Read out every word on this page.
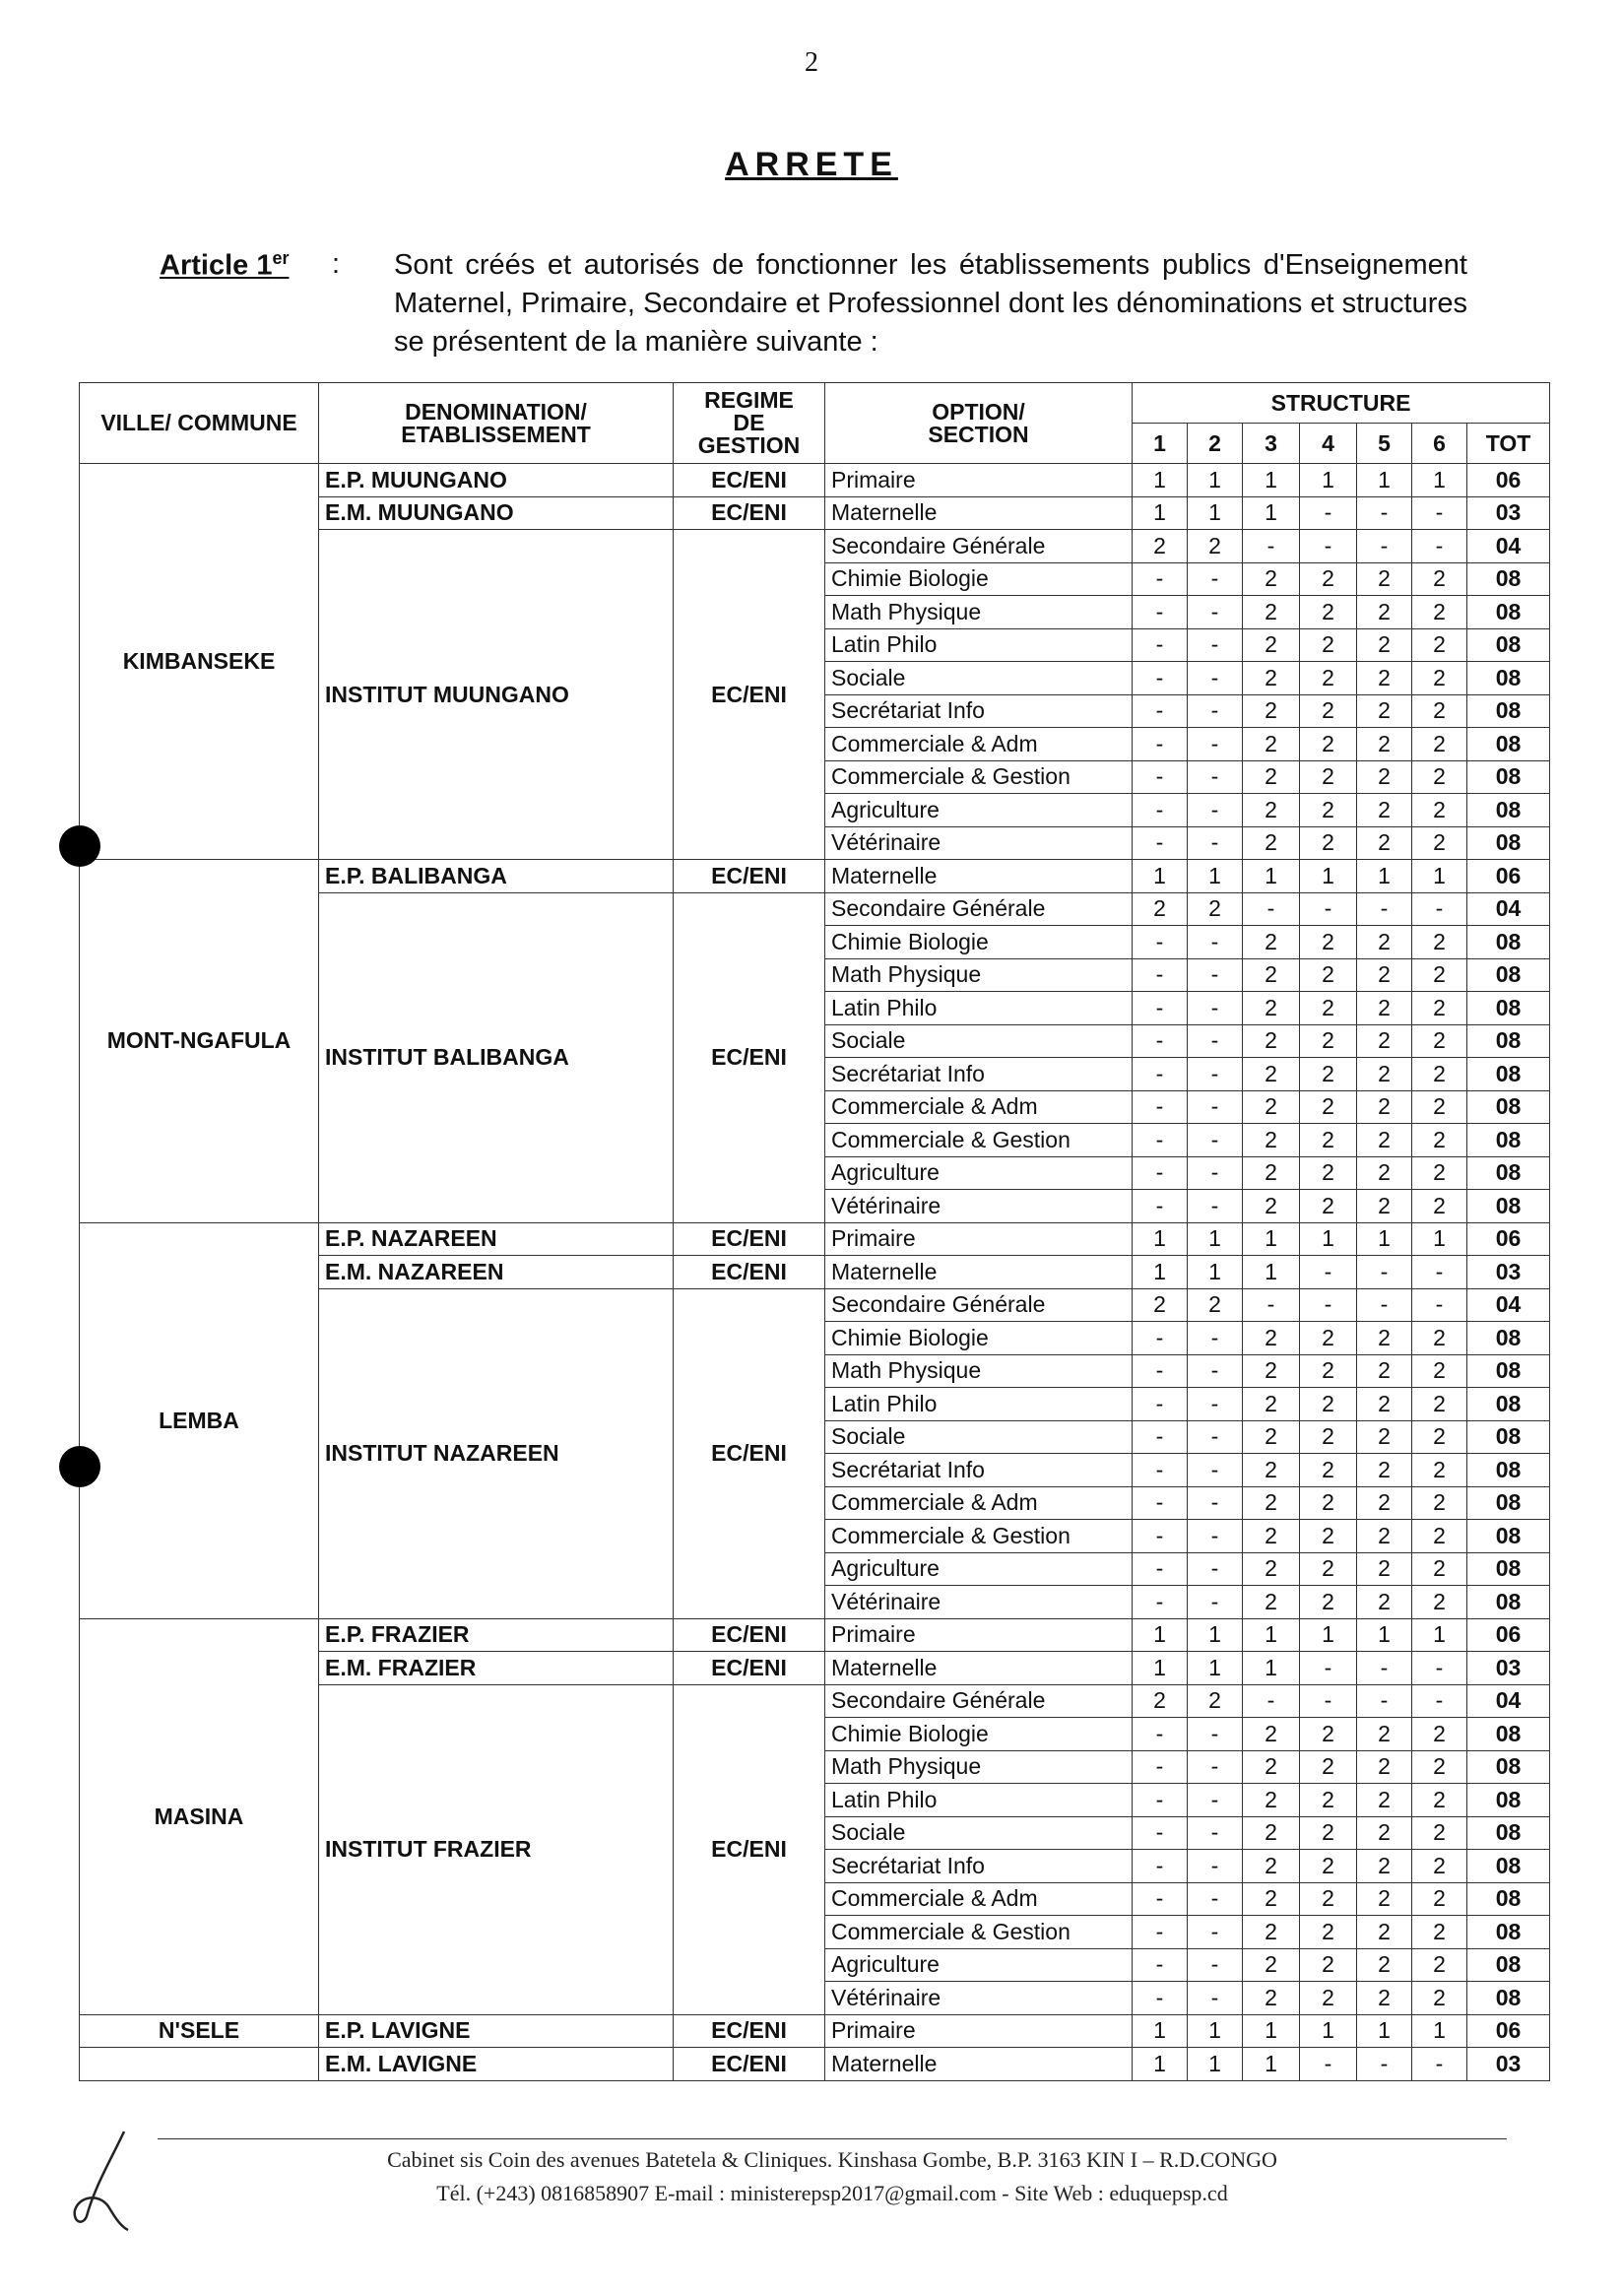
2
ARRETE
Article 1er : Sont créés et autorisés de fonctionner les établissements publics d'Enseignement Maternel, Primaire, Secondaire et Professionnel dont les dénominations et structures se présentent de la manière suivante :
VILLE/ COMMUNE	DENOMINATION/ ETABLISSEMENT	REGIME DE GESTION	OPTION/ SECTION	STRUCTURE						
				1	2	3	4	5	6	TOT
KIMBANSEKE	E.P. MUUNGANO	EC/ENI	Primaire	1	1	1	1	1	1	06
	E.M. MUUNGANO	EC/ENI	Maternelle	1	1	1	-	-	-	03
	INSTITUT MUUNGANO	EC/ENI	Secondaire Générale	2	2	-	-	-	-	04
			Chimie Biologie	-	-	2	2	2	2	08
			Math Physique	-	-	2	2	2	2	08
			Latin Philo	-	-	2	2	2	2	08
			Sociale	-	-	2	2	2	2	08
			Secrétariat Info	-	-	2	2	2	2	08
			Commerciale & Adm	-	-	2	2	2	2	08
			Commerciale & Gestion	-	-	2	2	2	2	08
			Agriculture	-	-	2	2	2	2	08
			Vétérinaire	-	-	2	2	2	2	08
MONT-NGAFULA	E.P. BALIBANGA	EC/ENI	Maternelle	1	1	1	1	1	1	06
	INSTITUT BALIBANGA	EC/ENI	Secondaire Générale	2	2	-	-	-	-	04
			Chimie Biologie	-	-	2	2	2	2	08
			Math Physique	-	-	2	2	2	2	08
			Latin Philo	-	-	2	2	2	2	08
			Sociale	-	-	2	2	2	2	08
			Secrétariat Info	-	-	2	2	2	2	08
			Commerciale & Adm	-	-	2	2	2	2	08
			Commerciale & Gestion	-	-	2	2	2	2	08
			Agriculture	-	-	2	2	2	2	08
			Vétérinaire	-	-	2	2	2	2	08
LEMBA	E.P. NAZAREEN	EC/ENI	Primaire	1	1	1	1	1	1	06
	E.M. NAZAREEN	EC/ENI	Maternelle	1	1	1	-	-	-	03
	INSTITUT NAZAREEN	EC/ENI	Secondaire Générale	2	2	-	-	-	-	04
			Chimie Biologie	-	-	2	2	2	2	08
			Math Physique	-	-	2	2	2	2	08
			Latin Philo	-	-	2	2	2	2	08
			Sociale	-	-	2	2	2	2	08
			Secrétariat Info	-	-	2	2	2	2	08
			Commerciale & Adm	-	-	2	2	2	2	08
			Commerciale & Gestion	-	-	2	2	2	2	08
			Agriculture	-	-	2	2	2	2	08
			Vétérinaire	-	-	2	2	2	2	08
MASINA	E.P. FRAZIER	EC/ENI	Primaire	1	1	1	1	1	1	06
	E.M. FRAZIER	EC/ENI	Maternelle	1	1	1	-	-	-	03
	INSTITUT FRAZIER	EC/ENI	Secondaire Générale	2	2	-	-	-	-	04
			Chimie Biologie	-	-	2	2	2	2	08
			Math Physique	-	-	2	2	2	2	08
			Latin Philo	-	-	2	2	2	2	08
			Sociale	-	-	2	2	2	2	08
			Secrétariat Info	-	-	2	2	2	2	08
			Commerciale & Adm	-	-	2	2	2	2	08
			Commerciale & Gestion	-	-	2	2	2	2	08
			Agriculture	-	-	2	2	2	2	08
			Vétérinaire	-	-	2	2	2	2	08
N'SELE	E.P. LAVIGNE	EC/ENI	Primaire	1	1	1	1	1	1	06
	E.M. LAVIGNE	EC/ENI	Maternelle	1	1	1	-	-	-	03
Cabinet sis Coin des avenues Batetela & Cliniques. Kinshasa Gombe, B.P. 3163 KIN I – R.D.CONGO
Tél. (+243) 0816858907 E-mail : ministerepsp2017@gmail.com - Site Web : eduquepsp.cd
